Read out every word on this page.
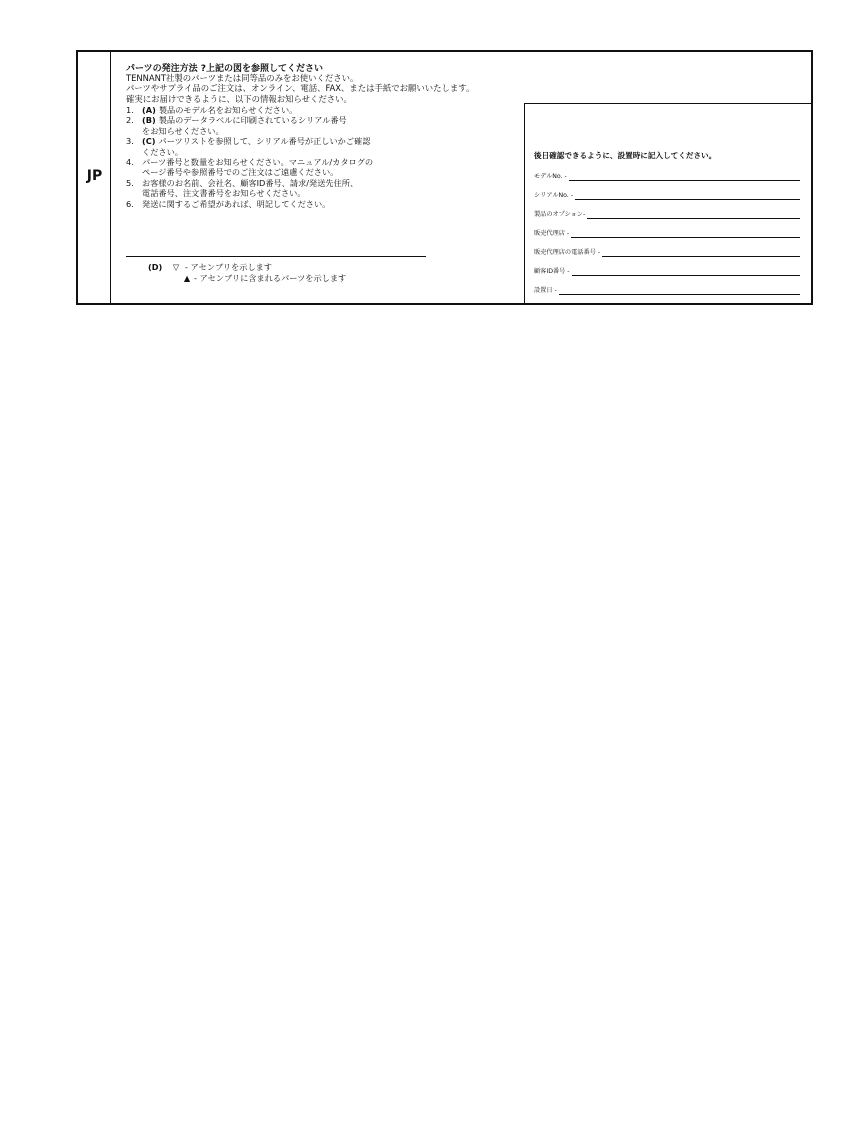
JP
パーツの発注方法 ?上記の図を参照してください
TENNANT社製のパーツまたは同等品のみをお使いください。
パーツやサプライ品のご注文は、オンライン、電話、FAX、または手紙でお願いいたします。
確実にお届けできるように、以下の情報お知らせください。
1. (A) 製品のモデル名をお知らせください。
2. (B) 製品のデータラベルに印刷されているシリアル番号
をお知らせください。
3. (C) パーツリストを参照して、シリアル番号が正しいかご確認
ください。
4. パーツ番号と数量をお知らせください。マニュアル/カタログの
ページ番号や参照番号でのご注文はご遠慮ください。
5. お客様のお名前、会社名、顧客ID番号、請求/発送先住所、
電話番号、注文書番号をお知らせください。
6. 発送に関するご希望があれば、明記してください。
(D) ▽ - アセンブリを示します
▲ - アセンブリに含まれるパーツを示します
後日確認できるように、設置時に記入してください。
モデルNo. -
シリアルNo. -
製品のオプション-
販売代理店 -
販売代理店の電話番号 -
顧客ID番号 -
設置日 -
